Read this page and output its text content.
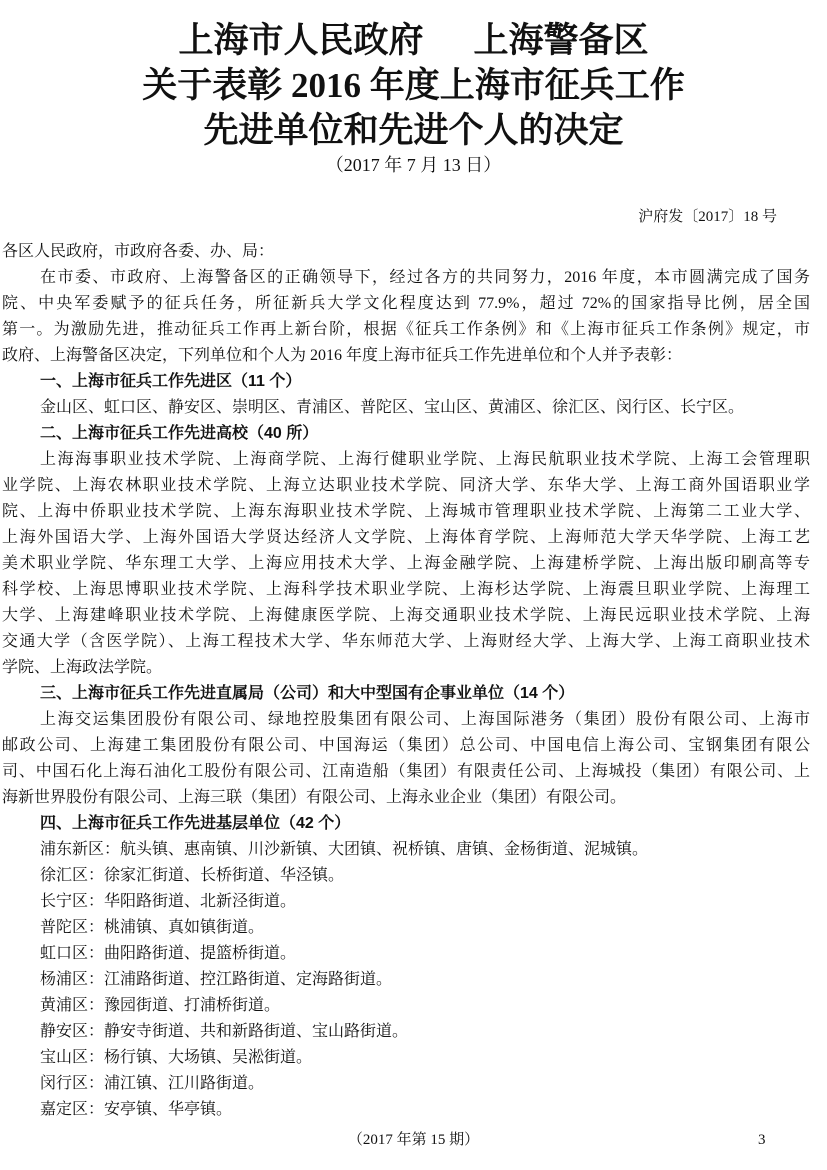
上海市人民政府 上海警备区
关于表彰 2016 年度上海市征兵工作
先进单位和先进个人的决定
（2017 年 7 月 13 日）
沪府发〔2017〕18 号
各区人民政府，市政府各委、办、局：
在市委、市政府、上海警备区的正确领导下，经过各方的共同努力，2016 年度，本市圆满完成了国务
院、中央军委赋予的征兵任务，所征新兵大学文化程度达到 77.9%，超过 72%的国家指导比例，居全国
第一。为激励先进，推动征兵工作再上新台阶，根据《征兵工作条例》和《上海市征兵工作条例》规定，市
政府、上海警备区决定，下列单位和个人为 2016 年度上海市征兵工作先进单位和个人并予表彰：
一、上海市征兵工作先进区（11 个）
金山区、虹口区、静安区、崇明区、青浦区、普陀区、宝山区、黄浦区、徐汇区、闵行区、长宁区。
二、上海市征兵工作先进高校（40 所）
上海海事职业技术学院、上海商学院、上海行健职业学院、上海民航职业技术学院、上海工会管理职
业学院、上海农林职业技术学院、上海立达职业技术学院、同济大学、东华大学、上海工商外国语职业学
院、上海中侨职业技术学院、上海东海职业技术学院、上海城市管理职业技术学院、上海第二工业大学、
上海外国语大学、上海外国语大学贤达经济人文学院、上海体育学院、上海师范大学天华学院、上海工艺
美术职业学院、华东理工大学、上海应用技术大学、上海金融学院、上海建桥学院、上海出版印刷高等专
科学校、上海思博职业技术学院、上海科学技术职业学院、上海杉达学院、上海震旦职业学院、上海理工
大学、上海建峰职业技术学院、上海健康医学院、上海交通职业技术学院、上海民远职业技术学院、上海
交通大学（含医学院）、上海工程技术大学、华东师范大学、上海财经大学、上海大学、上海工商职业技术
学院、上海政法学院。
三、上海市征兵工作先进直属局（公司）和大中型国有企事业单位（14 个）
上海交运集团股份有限公司、绿地控股集团有限公司、上海国际港务（集团）股份有限公司、上海市
邮政公司、上海建工集团股份有限公司、中国海运（集团）总公司、中国电信上海公司、宝钢集团有限公
司、中国石化上海石油化工股份有限公司、江南造船（集团）有限责任公司、上海城投（集团）有限公司、上
海新世界股份有限公司、上海三联（集团）有限公司、上海永业企业（集团）有限公司。
四、上海市征兵工作先进基层单位（42 个）
浦东新区：航头镇、惠南镇、川沙新镇、大团镇、祝桥镇、唐镇、金杨街道、泥城镇。
徐汇区：徐家汇街道、长桥街道、华泾镇。
长宁区：华阳路街道、北新泾街道。
普陀区：桃浦镇、真如镇街道。
虹口区：曲阳路街道、提篮桥街道。
杨浦区：江浦路街道、控江路街道、定海路街道。
黄浦区：豫园街道、打浦桥街道。
静安区：静安寺街道、共和新路街道、宝山路街道。
宝山区：杨行镇、大场镇、吴淞街道。
闵行区：浦江镇、江川路街道。
嘉定区：安亭镇、华亭镇。
（2017 年第 15 期）	3
